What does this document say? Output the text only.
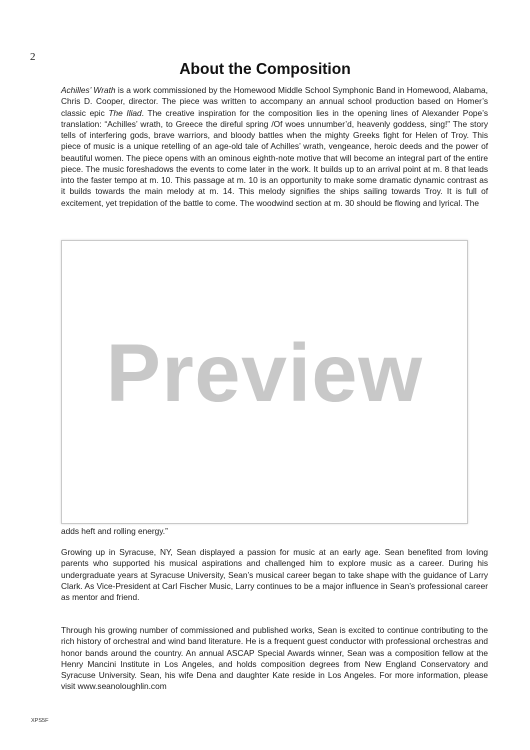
2
About the Composition

Achilles’ Wrath is a work commissioned by the Homewood Middle School Symphonic Band in Homewood, Alabama, Chris D. Cooper, director. The piece was written to accompany an annual school production based on Homer’s classic epic The Iliad. The creative inspiration for the composition lies in the opening lines of Alexander Pope’s translation: “Achilles’ wrath, to Greece the direful spring /Of woes unnumber’d, heavenly goddess, sing!” The story tells of interfering gods, brave warriors, and bloody battles when the mighty Greeks fight for Helen of Troy. This piece of music is a unique retelling of an age-old tale of Achilles’ wrath, vengeance, heroic deeds and the power of beautiful women. The piece opens with an ominous eighth-note motive that will become an integral part of the entire piece. The music foreshadows the events to come later in the work. It builds up to an arrival point at m. 8 that leads into the faster tempo at m. 10. This passage at m. 10 is an opportunity to make some dramatic dynamic contrast as it builds towards the main melody at m. 14. This melody signifies the ships sailing towards Troy. It is full of excitement, yet trepidation of the battle to come. The woodwind section at m. 30 should be flowing and lyrical. The

adds heft and rolling energy.”
Preview

Growing up in Syracuse, NY, Sean displayed a passion for music at an early age. Sean benefited from loving parents who supported his musical aspirations and challenged him to explore music as a career. During his undergraduate years at Syracuse University, Sean’s musical career began to take shape with the guidance of Larry Clark. As Vice-President at Carl Fischer Music, Larry continues to be a major influence in Sean’s professional career as mentor and friend.

Through his growing number of commissioned and published works, Sean is excited to continue contributing to the rich history of orchestral and wind band literature. He is a frequent guest conductor with professional orchestras and honor bands around the country. An annual ASCAP Special Awards winner, Sean was a composition fellow at the Henry Mancini Institute in Los Angeles, and holds composition degrees from New England Conservatory and Syracuse University. Sean, his wife Dena and daughter Kate reside in Los Angeles. For more information, please visit www.seanoloughlin.com

XPS5F
